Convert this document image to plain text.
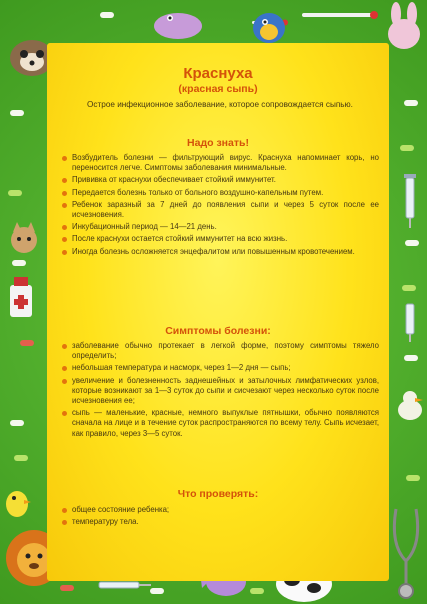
Краснуха
(красная сыпь)
Острое инфекционное заболевание, которое сопровождается сыпью.
Надо знать!
Возбудитель болезни — фильтрующий вирус. Краснуха напоминает корь, но переносится легче. Симптомы заболевания минимальные.
Прививка от краснухи обеспечивает стойкий иммунитет.
Передается болезнь только от больного воздушно-капельным путем.
Ребенок заразный за 7 дней до появления сыпи и через 5 суток после ее исчезновения.
Инкубационный период — 14—21 день.
После краснухи остается стойкий иммунитет на всю жизнь.
Иногда болезнь осложняется энцефалитом или повышенным кровотечением.
Симптомы болезни:
заболевание обычно протекает в легкой форме, поэтому симптомы тяжело определить;
небольшая температура и насморк, через 1—2 дня — сыпь;
увеличение и болезненность заднешейных и затылочных лимфатических узлов, которые возникают за 1—3 суток до сыпи и сисчезают через несколько суток после исчезновения ее;
сыпь — маленькие, красные, немного выпуклые пятнышки, обычно появляются сначала на лице и в течение суток распространяются по всему телу. Сыпь исчезает, как правило, через 3—5 суток.
Что проверять:
общее состояние ребенка;
температуру тела.
